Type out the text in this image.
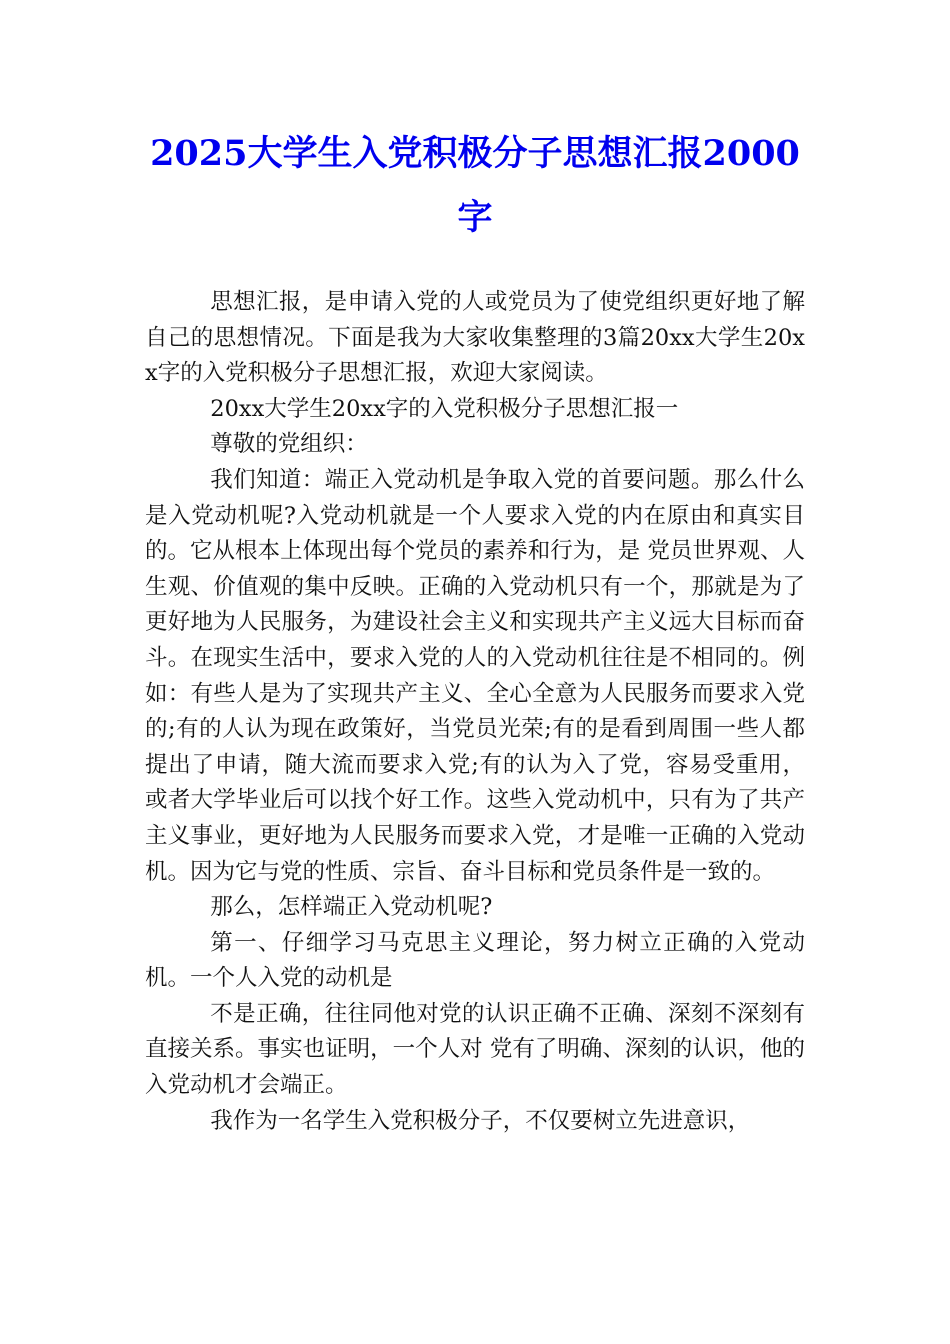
2025大学生入党积极分子思想汇报2000字

思想汇报，是申请入党的人或党员为了使党组织更好地了解自己的思想情况。下面是我为大家收集整理的3篇20xx大学生20xx字的入党积极分子思想汇报，欢迎大家阅读。

20xx大学生20xx字的入党积极分子思想汇报一

尊敬的党组织：

我们知道：端正入党动机是争取入党的首要问题。那么什么是入党动机呢?入党动机就是一个人要求入党的内在原由和真实目的。它从根本上体现出每个党员的素养和行为，是 党员世界观、人生观、价值观的集中反映。正确的入党动机只有一个，那就是为了更好地为人民服务，为建设社会主义和实现共产主义远大目标而奋斗。在现实生活中，要求入党的人的入党动机往往是不相同的。例如：有些人是为了实现共产主义、全心全意为人民服务而要求入党的;有的人认为现在政策好，当党员光荣;有的是看到周围一些人都提出了申请，随大流而要求入党;有的认为入了党，容易受重用，或者大学毕业后可以找个好工作。这些入党动机中，只有为了共产主义事业，更好地为人民服务而要求入党，才是唯一正确的入党动机。因为它与党的性质、宗旨、奋斗目标和党员条件是一致的。

那么，怎样端正入党动机呢?

第一、仔细学习马克思主义理论，努力树立正确的入党动机。一个人入党的动机是

不是正确，往往同他对党的认识正确不正确、深刻不深刻有直接关系。事实也证明，一个人对 党有了明确、深刻的认识，他的入党动机才会端正。

我作为一名学生入党积极分子，不仅要树立先进意识，
